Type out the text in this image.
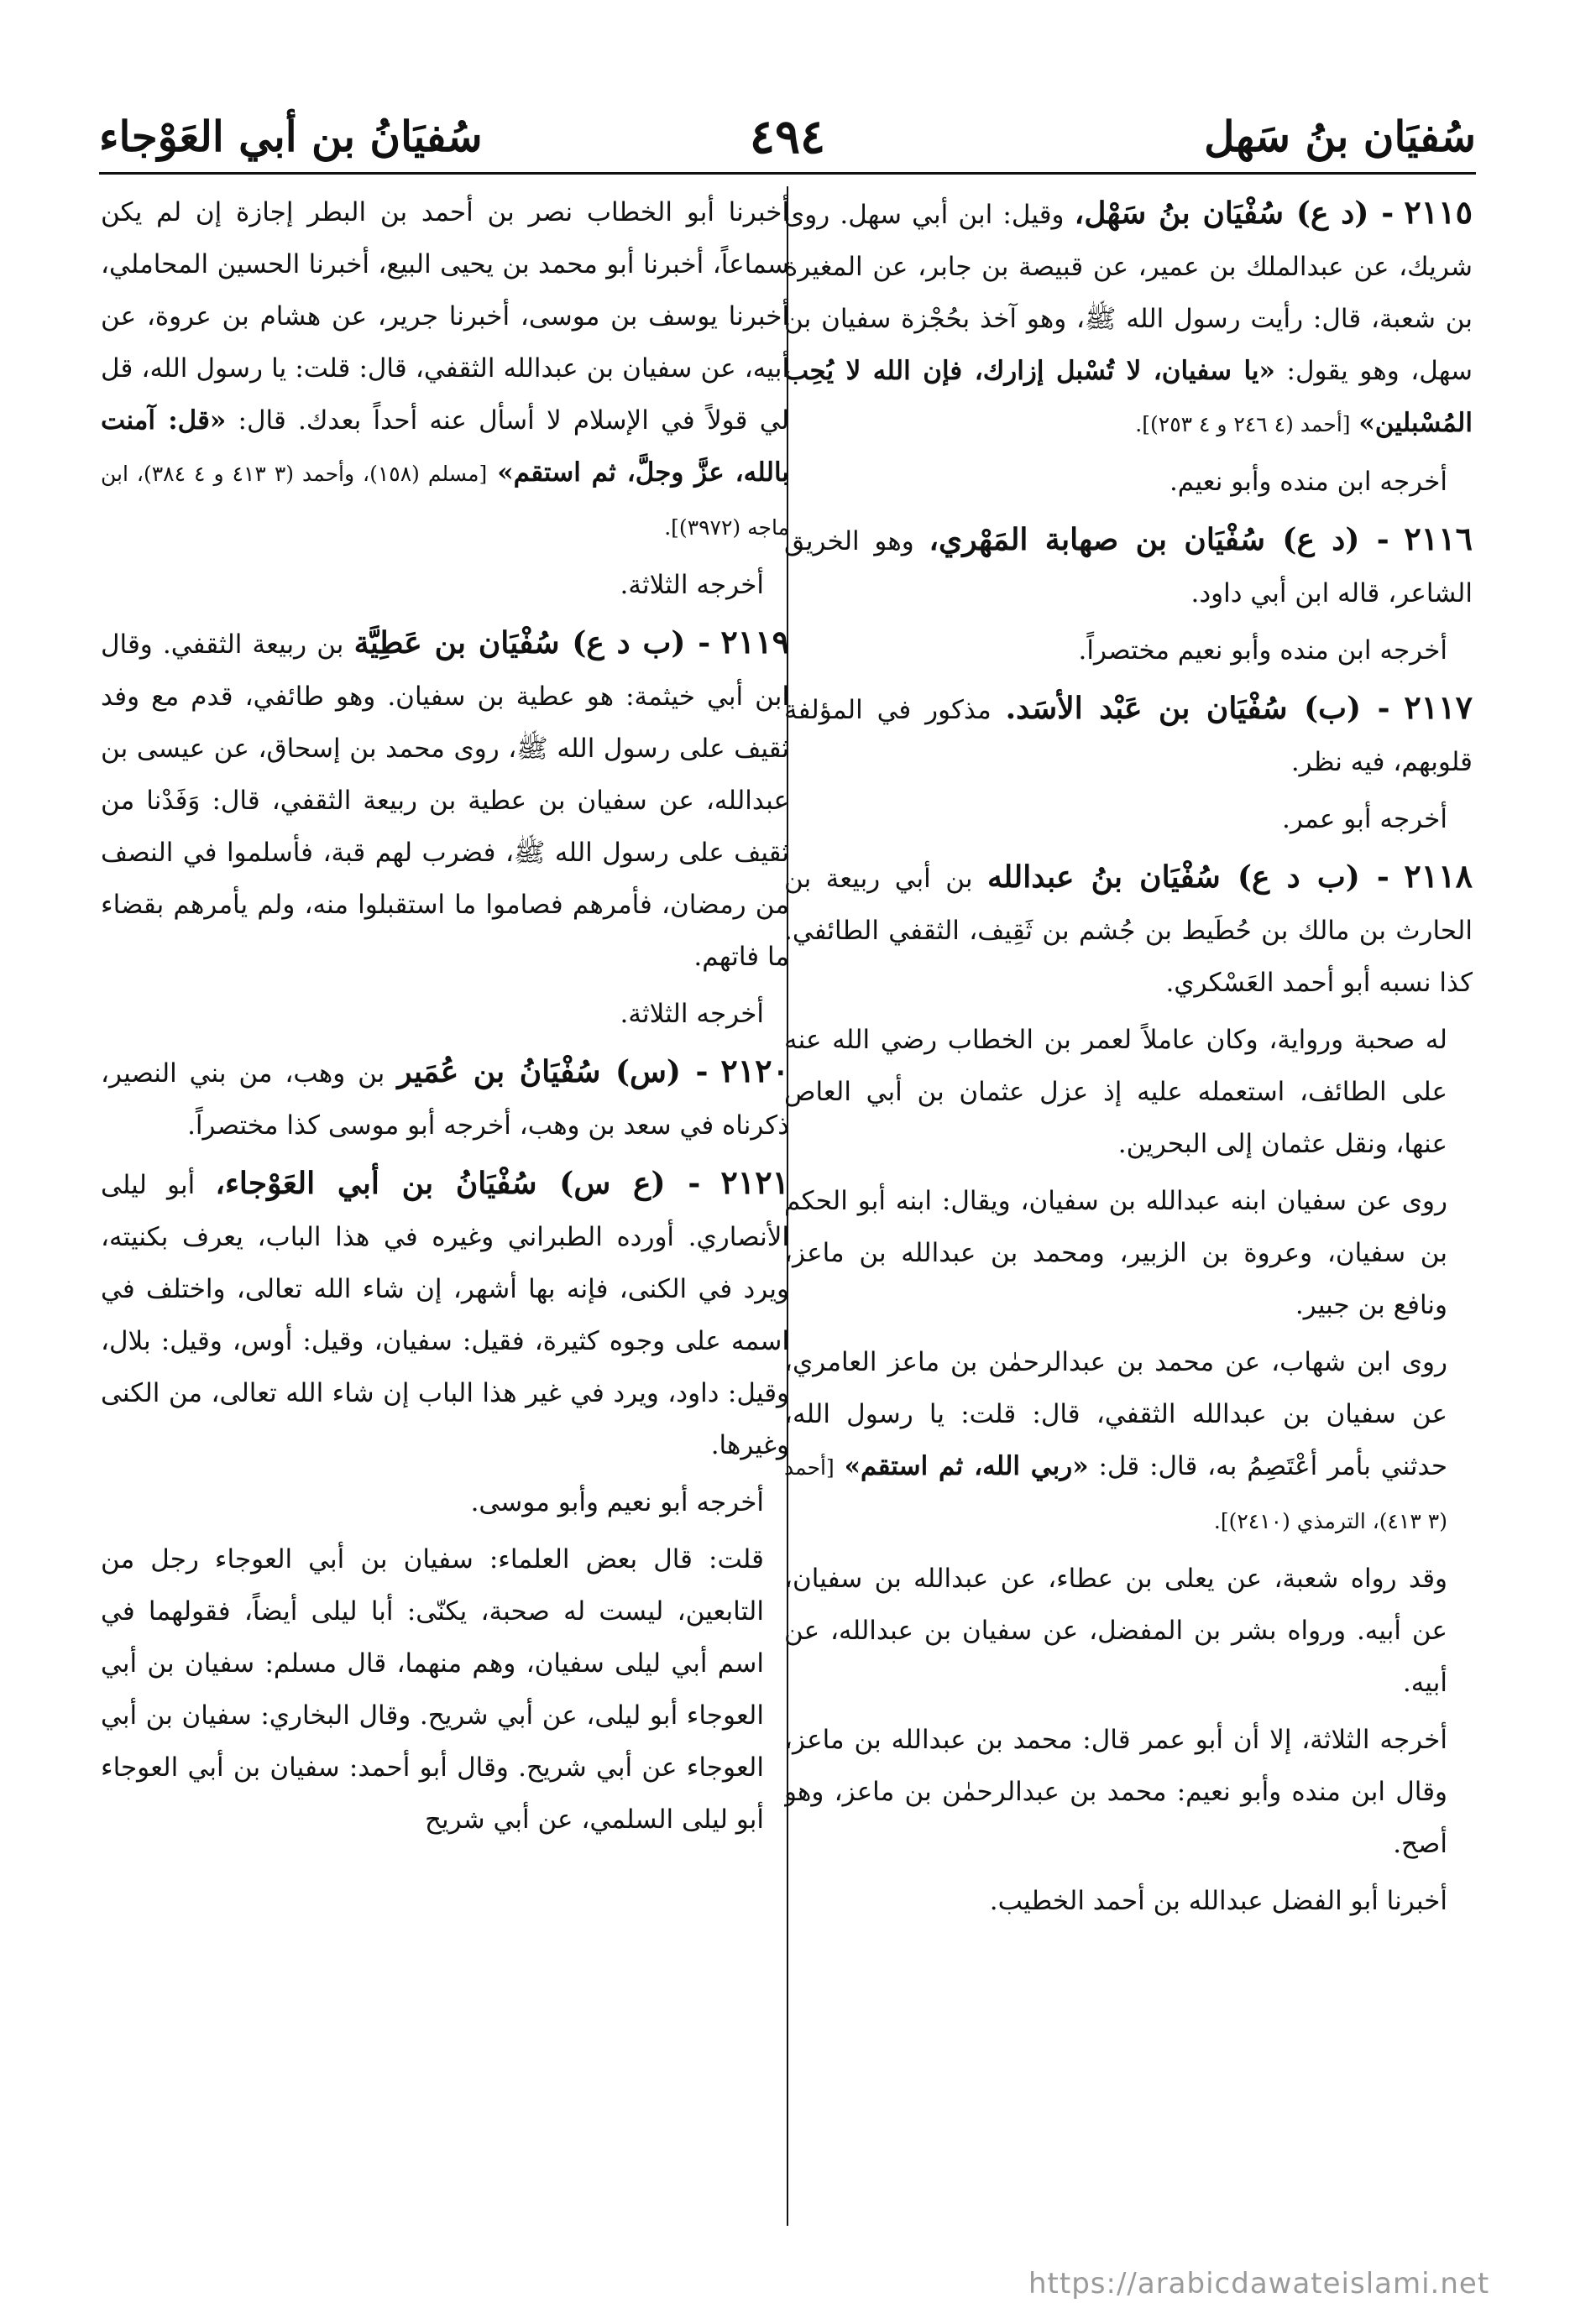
سُفيَان بنُ سَهل
٤٩٤
سُفيَانُ بن أبي العَوْجاء

٢١١٥ - (د ع) سُفْيَان بنُ سَهْل، وقيل: ابن أبي سهل. روى شريك، عن عبدالملك بن عمير، عن قبيصة بن جابر، عن المغيرة بن شعبة، قال: رأيت رسول الله ﷺ، وهو آخذ بحُجْزة سفيان بن سهل، وهو يقول: «يا سفيان، لا تُسْبل إزارك، فإن الله لا يُحِب المُسْبلين» [أحمد (٤ ٢٤٦ و ٤ ٢٥٣)].

أخرجه ابن منده وأبو نعيم.

٢١١٦ - (د ع) سُفْيَان بن صهابة المَهْري، وهو الخريق الشاعر، قاله ابن أبي داود.

أخرجه ابن منده وأبو نعيم مختصراً.

٢١١٧ - (ب) سُفْيَان بن عَبْد الأسَد. مذكور في المؤلفة قلوبهم، فيه نظر.

أخرجه أبو عمر.

٢١١٨ - (ب د ع) سُفْيَان بنُ عبدالله بن أبي ربيعة بن الحارث بن مالك بن حُطَيط بن جُشم بن ثَقِيف، الثقفي الطائفي. كذا نسبه أبو أحمد العَسْكري.

له صحبة ورواية، وكان عاملاً لعمر بن الخطاب رضي الله عنه على الطائف، استعمله عليه إذ عزل عثمان بن أبي العاص عنها، ونقل عثمان إلى البحرين.

روى عن سفيان ابنه عبدالله بن سفيان، ويقال: ابنه أبو الحكم بن سفيان، وعروة بن الزبير، ومحمد بن عبدالله بن ماعز، ونافع بن جبير.

روى ابن شهاب، عن محمد بن عبدالرحمٰن بن ماعز العامري، عن سفيان بن عبدالله الثقفي، قال: قلت: يا رسول الله، حدثني بأمر أعْتَصِمُ به، قال: قل: «ربي الله، ثم استقم» [أحمد (٣ ٤١٣)، الترمذي (٢٤١٠)].

وقد رواه شعبة، عن يعلى بن عطاء، عن عبدالله بن سفيان، عن أبيه. ورواه بشر بن المفضل، عن سفيان بن عبدالله، عن أبيه.

أخرجه الثلاثة، إلا أن أبو عمر قال: محمد بن عبدالله بن ماعز، وقال ابن منده وأبو نعيم: محمد بن عبدالرحمٰن بن ماعز، وهو أصح.

أخبرنا أبو الفضل عبدالله بن أحمد الخطيب.

أخبرنا أبو الخطاب نصر بن أحمد بن البطر إجازة إن لم يكن سماعاً، أخبرنا أبو محمد بن يحيى البيع، أخبرنا الحسين المحاملي، أخبرنا يوسف بن موسى، أخبرنا جرير، عن هشام بن عروة، عن أبيه، عن سفيان بن عبدالله الثقفي، قال: قلت: يا رسول الله، قل لي قولاً في الإسلام لا أسأل عنه أحداً بعدك. قال: «قل: آمنت بالله، عزَّ وجلَّ، ثم استقم» [مسلم (١٥٨)، وأحمد (٣ ٤١٣ و ٤ ٣٨٤)، ابن ماجه (٣٩٧٢)].

أخرجه الثلاثة.

٢١١٩ - (ب د ع) سُفْيَان بن عَطِيَّة بن ربيعة الثقفي. وقال ابن أبي خيثمة: هو عطية بن سفيان. وهو طائفي، قدم مع وفد ثقيف على رسول الله ﷺ، روى محمد بن إسحاق، عن عيسى بن عبدالله، عن سفيان بن عطية بن ربيعة الثقفي، قال: وَفَدْنا من ثقيف على رسول الله ﷺ، فضرب لهم قبة، فأسلموا في النصف من رمضان، فأمرهم فصاموا ما استقبلوا منه، ولم يأمرهم بقضاء ما فاتهم.

أخرجه الثلاثة.

٢١٢٠ - (س) سُفْيَانُ بن عُمَير بن وهب، من بني النصير، ذكرناه في سعد بن وهب، أخرجه أبو موسى كذا مختصراً.

٢١٢١ - (ع س) سُفْيَانُ بن أبي العَوْجاء، أبو ليلى الأنصاري. أورده الطبراني وغيره في هذا الباب، يعرف بكنيته، ويرد في الكنى، فإنه بها أشهر، إن شاء الله تعالى، واختلف في اسمه على وجوه كثيرة، فقيل: سفيان، وقيل: أوس، وقيل: بلال، وقيل: داود، ويرد في غير هذا الباب إن شاء الله تعالى، من الكنى وغيرها.

أخرجه أبو نعيم وأبو موسى.

قلت: قال بعض العلماء: سفيان بن أبي العوجاء رجل من التابعين، ليست له صحبة، يكنّى: أبا ليلى أيضاً، فقولهما في اسم أبي ليلى سفيان، وهم منهما، قال مسلم: سفيان بن أبي العوجاء أبو ليلى، عن أبي شريح. وقال البخاري: سفيان بن أبي العوجاء عن أبي شريح. وقال أبو أحمد: سفيان بن أبي العوجاء أبو ليلى السلمي، عن أبي شريح

https://arabicdawateislami.net
